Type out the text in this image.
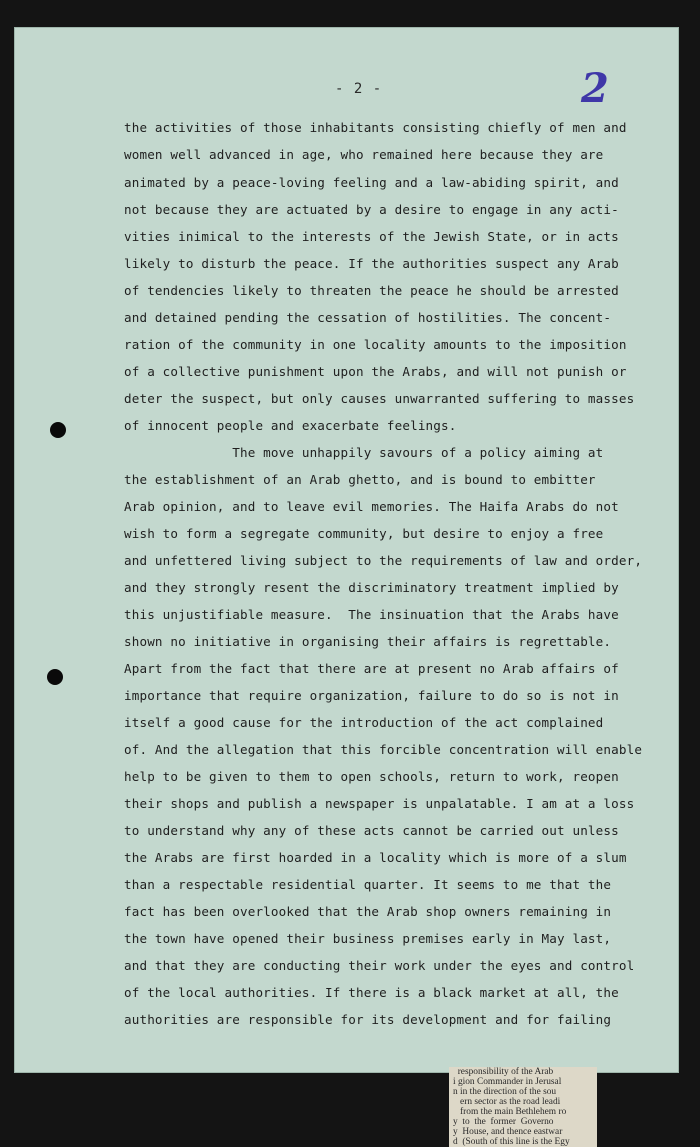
- 2 -	2
the activities of those inhabitants consisting chiefly of men and
women well advanced in age, who remained here because they are
animated by a peace-loving feeling and a law-abiding spirit, and
not because they are actuated by a desire to engage in any acti-
vities inimical to the interests of the Jewish State, or in acts
likely to disturb the peace. If the authorities suspect any Arab
of tendencies likely to threaten the peace he should be arrested
and detained pending the cessation of hostilities. The concent-
ration of the community in one locality amounts to the imposition
of a collective punishment upon the Arabs, and will not punish or
deter the suspect, but only causes unwarranted suffering to masses
of innocent people and exacerbate feelings.
The move unhappily savours of a policy aiming at
the establishment of an Arab ghetto, and is bound to embitter
Arab opinion, and to leave evil memories. The Haifa Arabs do not
wish to form a segregate community, but desire to enjoy a free
and unfettered living subject to the requirements of law and order,
and they strongly resent the discriminatory treatment implied by
this unjustifiable measure.  The insinuation that the Arabs have
shown no initiative in organising their affairs is regrettable.
Apart from the fact that there are at present no Arab affairs of
importance that require organization, failure to do so is not in
itself a good cause for the introduction of the act complained
of. And the allegation that this forcible concentration will enable
help to be given to them to open schools, return to work, reopen
their shops and publish a newspaper is unpalatable. I am at a loss
to understand why any of these acts cannot be carried out unless
the Arabs are first hoarded in a locality which is more of a slum
than a respectable residential quarter. It seems to me that the
fact has been overlooked that the Arab shop owners remaining in
the town have opened their business premises early in May last,
and that they are conducting their work under the eyes and control
of the local authorities. If there is a black market at all, the
authorities are responsible for its development and for failing
responsibility of the Arab
i gion Commander in Jerusal
n in the direction of the sou
ern sector as the road leadi
from the main Bethlehem ro
y  to  the  former  Governo
y  House, and thence eastwar
d  (South of this line is the Egy
